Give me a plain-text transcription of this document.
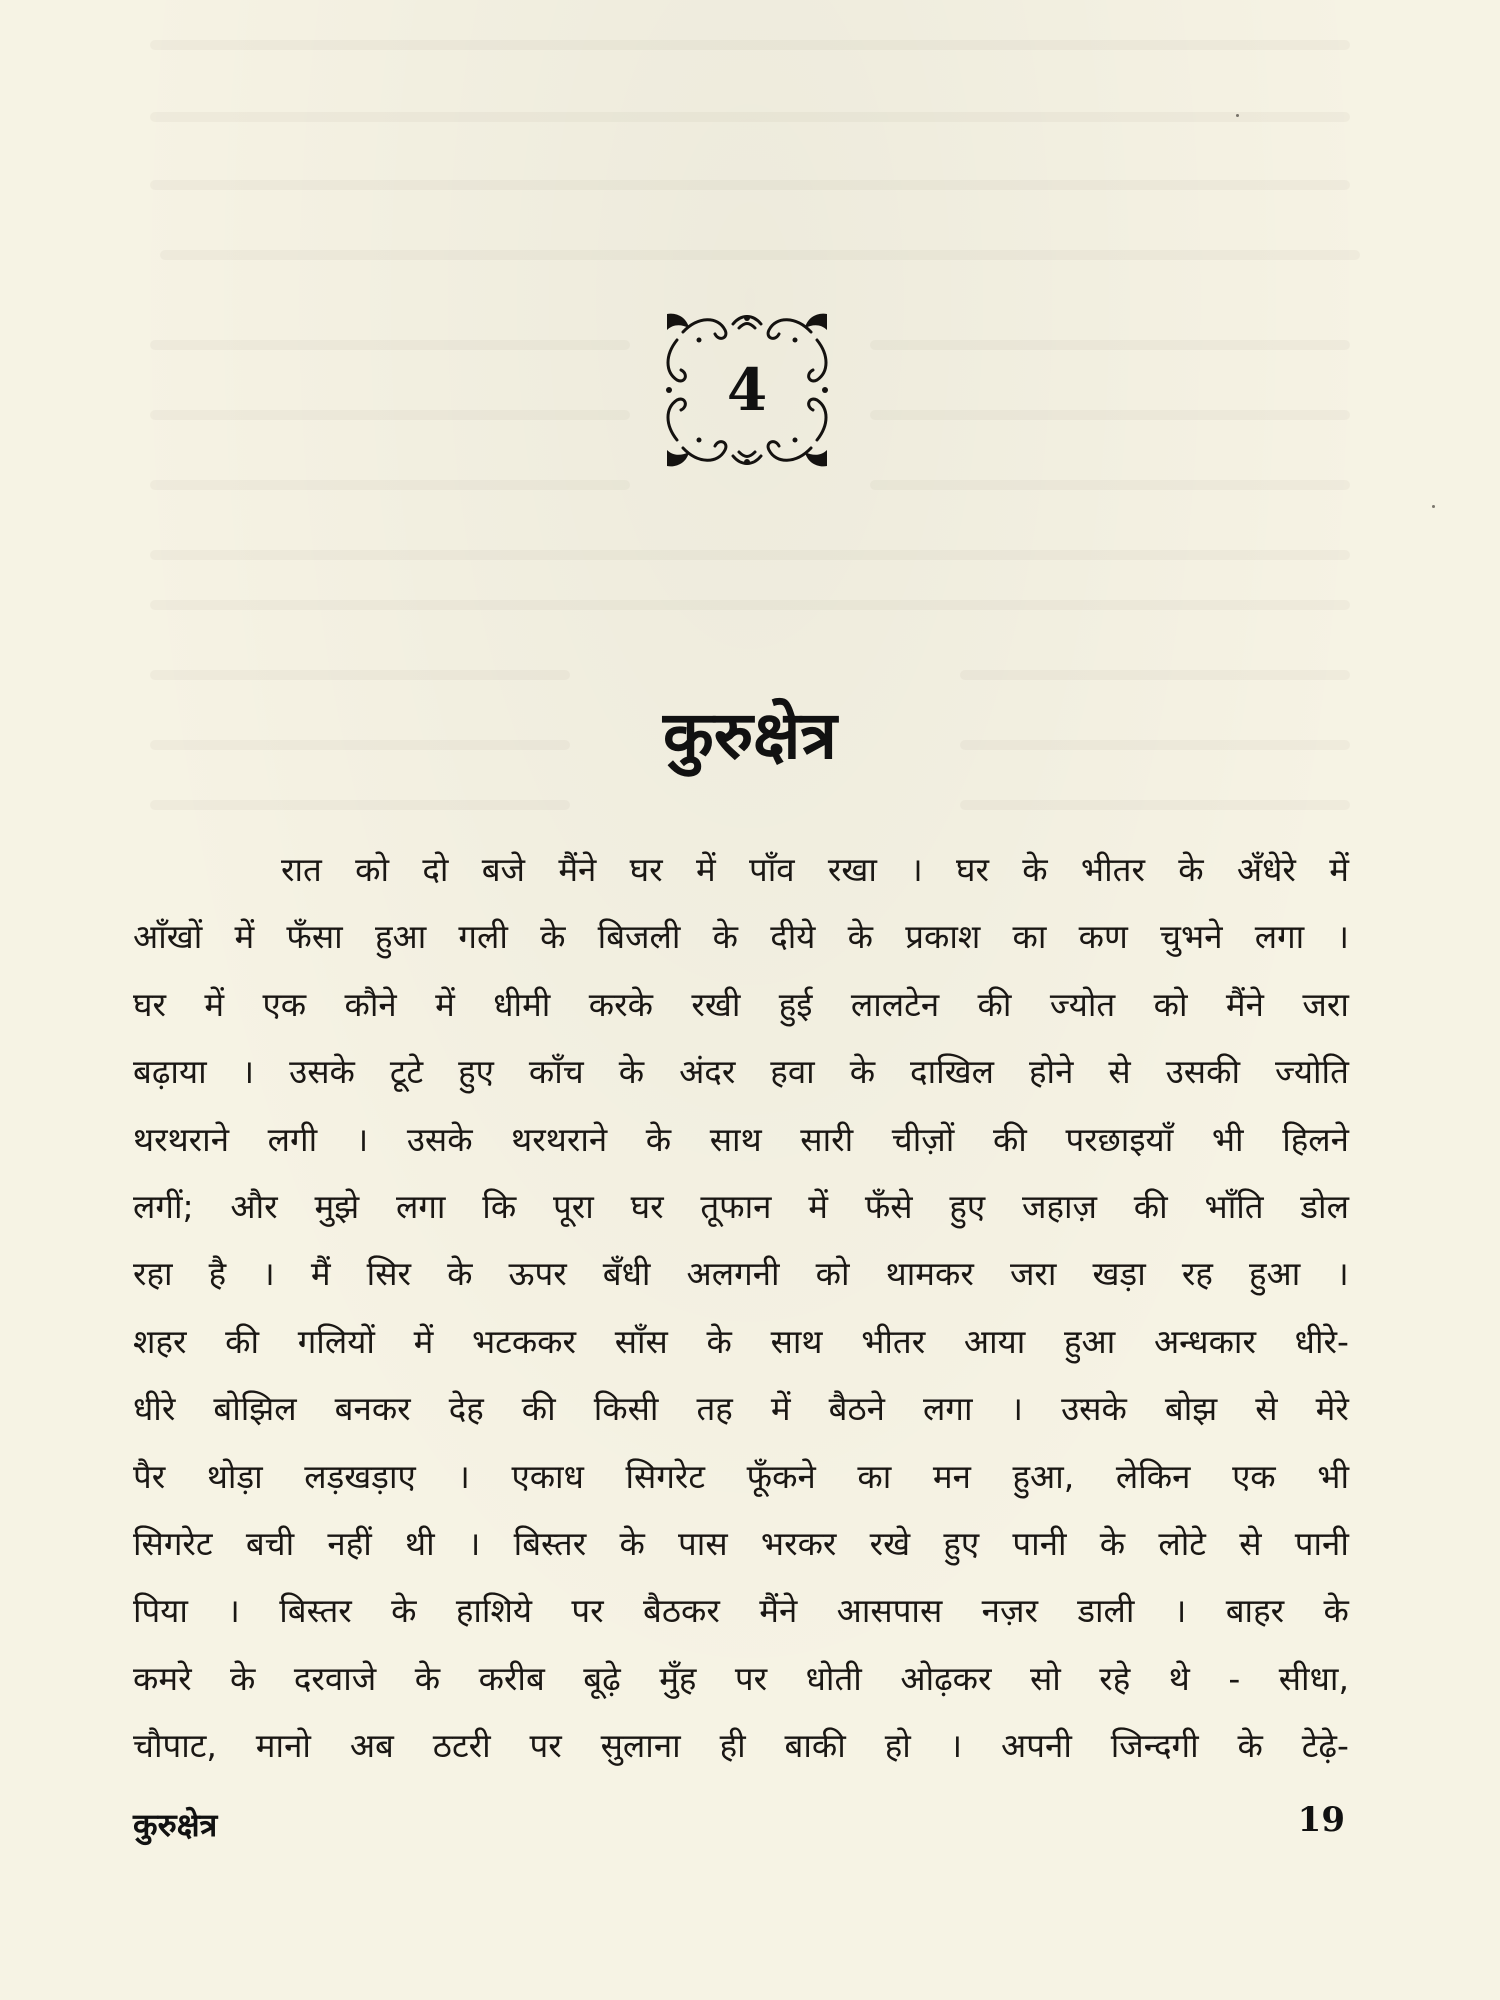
4
कुरुक्षेत्र
रात को दो बजे मैंने घर में पाँव रखा । घर के भीतर के अँधेरे में
आँखों में फँसा हुआ गली के बिजली के दीये के प्रकाश का कण चुभने लगा ।
घर में एक कौने में धीमी करके रखी हुई लालटेन की ज्योत को मैंने जरा
बढ़ाया । उसके टूटे हुए काँच के अंदर हवा के दाखिल होने से उसकी ज्योति
थरथराने लगी । उसके थरथराने के साथ सारी चीज़ों की परछाइयाँ भी हिलने
लगीं; और मुझे लगा कि पूरा घर तूफान में फँसे हुए जहाज़ की भाँति डोल
रहा है । मैं सिर के ऊपर बँधी अलगनी को थामकर जरा खड़ा रह हुआ ।
शहर की गलियों में भटककर साँस के साथ भीतर आया हुआ अन्धकार धीरे-
धीरे बोझिल बनकर देह की किसी तह में बैठने लगा । उसके बोझ से मेरे
पैर थोड़ा लड़खड़ाए । एकाध सिगरेट फूँकने का मन हुआ, लेकिन एक भी
सिगरेट बची नहीं थी । बिस्तर के पास भरकर रखे हुए पानी के लोटे से पानी
पिया । बिस्तर के हाशिये पर बैठकर मैंने आसपास नज़र डाली । बाहर के
कमरे के दरवाजे के करीब बूढ़े मुँह पर धोती ओढ़कर सो रहे थे - सीधा,
चौपाट, मानो अब ठटरी पर सुलाना ही बाकी हो । अपनी जिन्दगी के टेढ़े-
कुरुक्षेत्र	19
